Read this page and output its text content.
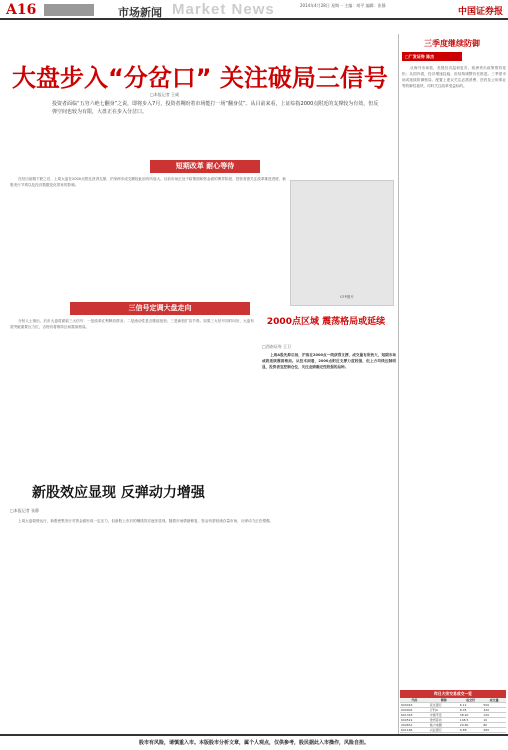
A16	市场新闻 Market News	2014年4月28日 星期一 主编：胡平 编辑：张静
中国证券报
大盘步入“分岔口” 关注破局三信号
□本报记者 王威
投资者面临“五穷六绝七翻身”之说，即将步入7月，投资者期盼着市场能打一场“翻身仗”。从目前来看，上证综指2000点附近的支撑较为有效，但反弹空间也较为有限，大盘正在步入分岔口。
短期改革 耐心等待

在经历前期下跌之后，上周大盘在2000点附近获得支撑，沪深两市成交额较此前有所放大。目前市场正处于政策面和资金面的博弈阶段，投资者需关注改革推进进度、新股发行节奏以及经济数据变化带来的影响。

三信号定调大盘走向

分析人士指出，后市大盘将面临三大信号：一是改革红利释放情况；二是流动性是否继续宽松；三是新股扩容节奏。如果三大信号同时向好，大盘有望突破重要压力位，否则仍将维持区间震荡格局。

CFP图片
2000点区域 震荡格局或延续
□西南证券 王卫

上周A股先抑后扬，沪指在2000点一线获得支撑，成交量有所放大，短期市场或将延续震荡格局。从技术面看，2000点附近支撑力度较强，但上方均线压制明显，投资者宜控制仓位，关注业绩确定性较强的品种。

新股效应显现 反弹动力增强
□本报记者 张静

上周大盘弱势运行，新股密集发行对资金面形成一定压力，但新股上市后的赚钱效应逐步显现。随着市场情绪修复，资金有望回流存量市场，反弹动力正在增强。

三季度继续防御
□广发证券 陈杰

从海外市场看，美国经济温和复苏，欧洲货币政策维持宽松；从国内看，经济增速趋稳，但结构调整仍在推进。三季度市场或延续防御格局，配置上建议关注必需消费、医药及公用事业等防御性板块，同时关注改革受益标的。

昨日大宗交易成交一览
代码	简称	成交价	成交量
600016	民生银行	6.12	500
000002	万科A	8.05	320
601318	中国平安	38.20	120
600519	贵州茅台	148.5	10
000651	格力电器	29.80	80
601166	兴业银行	9.88	260
股市有风险，请慎重入市。本版股市分析文章，属个人观点，仅供参考，股民据此入市操作，风险自担。
